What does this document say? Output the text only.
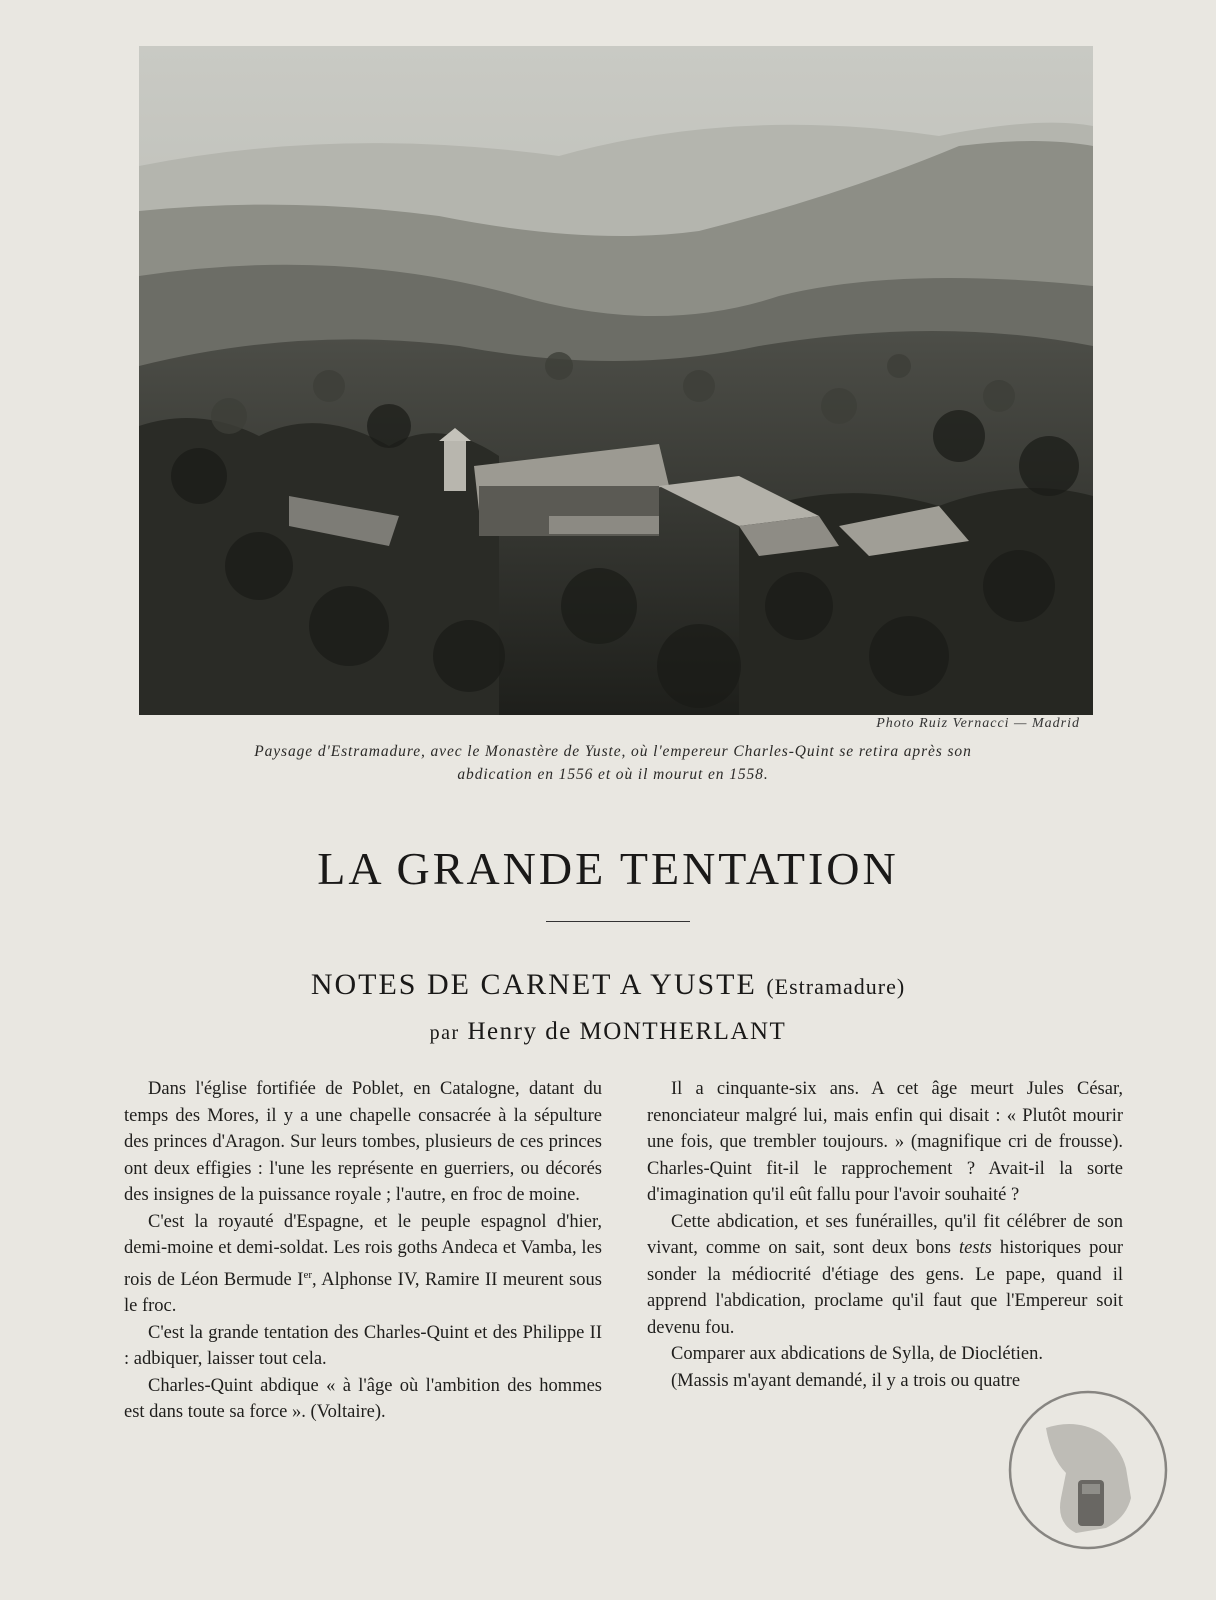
Photo Ruiz Vernacci — Madrid
Paysage d'Estramadure, avec le Monastère de Yuste, où l'empereur Charles-Quint se retira après son
abdication en 1556 et où il mourut en 1558.
LA GRANDE TENTATION
NOTES DE CARNET A YUSTE (Estramadure)
par Henry de MONTHERLANT

Dans l'église fortifiée de Poblet, en Catalogne, datant du temps des Mores, il y a une chapelle consacrée à la sépulture des princes d'Aragon. Sur leurs tombes, plusieurs de ces princes ont deux effigies : l'une les représente en guerriers, ou décorés des insignes de la puissance royale ; l'autre, en froc de moine.

C'est la royauté d'Espagne, et le peuple espagnol d'hier, demi-moine et demi-soldat. Les rois goths Andeca et Vamba, les rois de Léon Bermude Ier, Alphonse IV, Ramire II meurent sous le froc.

C'est la grande tentation des Charles-Quint et des Philippe II : adbiquer, laisser tout cela.

Charles-Quint abdique « à l'âge où l'ambition des hommes est dans toute sa force ». (Voltaire).

Il a cinquante-six ans. A cet âge meurt Jules César, renonciateur malgré lui, mais enfin qui disait : « Plutôt mourir une fois, que trembler toujours. » (magnifique cri de frousse). Charles-Quint fit-il le rapprochement ? Avait-il la sorte d'imagination qu'il eût fallu pour l'avoir souhaité ?

Cette abdication, et ses funérailles, qu'il fit célébrer de son vivant, comme on sait, sont deux bons tests historiques pour sonder la médiocrité d'étiage des gens. Le pape, quand il apprend l'abdication, proclame qu'il faut que l'Empereur soit devenu fou.

Comparer aux abdications de Sylla, de Dioclétien.

(Massis m'ayant demandé, il y a trois ou quatre
